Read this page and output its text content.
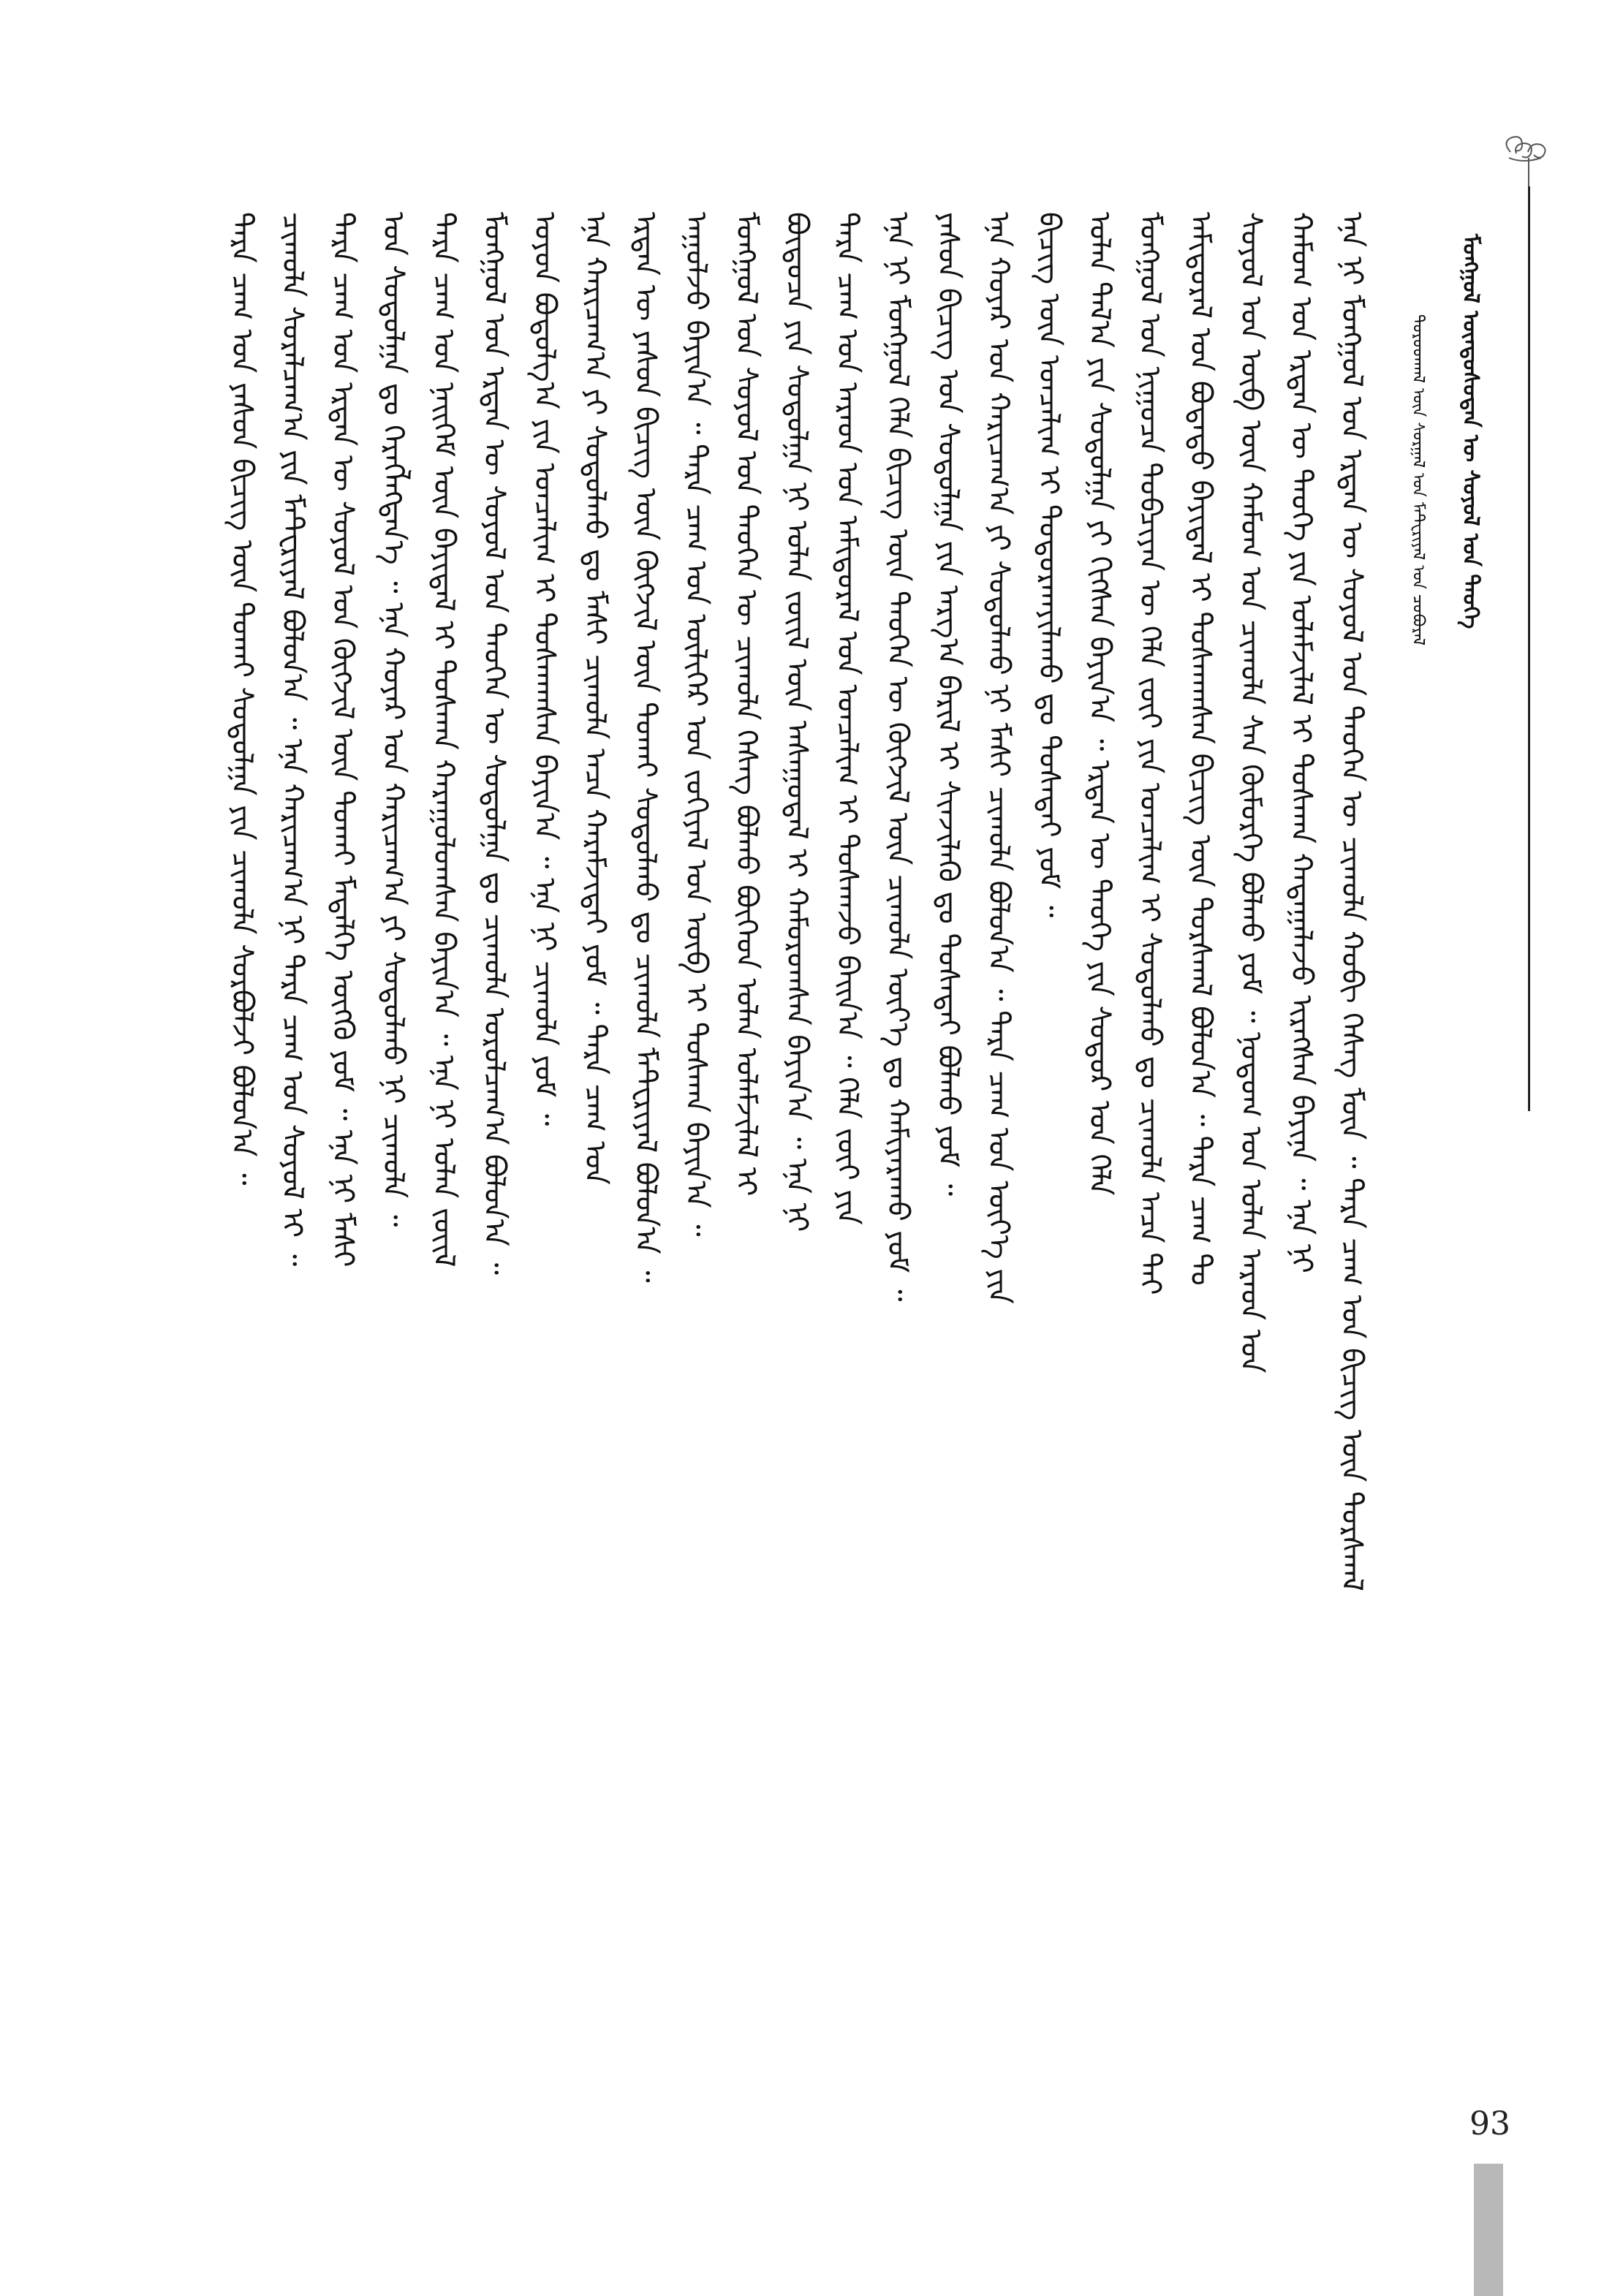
ᠮᠣᠩᠭᠣᠯ ᠦᠨᠳᠦᠰᠦᠲᠡᠨ ᠦ ᠰᠣᠶᠣᠯ ᠤᠨ ᠲᠡᠦᠬᠡ
ᠳᠤᠷᠤᠳᠬᠠᠯ ᠦᠨ ᠰᠤᠷᠭᠠᠯ ᠤᠨ ᠮᠠᠲᠧᠷᠢᠶᠠᠯ ᠤᠨ ᠴᠤᠪᠤᠷᠠᠯ
ᠡᠨᠡ ᠨᠢ ᠮᠣᠩᠭᠣᠯ ᠤᠨ ᠡᠷᠲᠡᠨ ᠦ ᠰᠣᠶᠣᠯ ᠤᠨ ᠲᠡᠦᠬᠡᠨ ᠦ ᠴᠢᠬᠤᠯᠠ ᠬᠤᠪᠢ ᠬᠡᠰᠡᠭ ᠮᠥᠨ ᠃ ᠲᠡᠷᠡ ᠴᠠᠭ ᠤᠨ ᠪᠢᠴᠢᠭ ᠦᠨ ᠳᠤᠷᠰᠬᠠᠯ
ᠬᠠᠮᠤᠭ ᠤᠨ ᠡᠷᠲᠡᠨ ᠦ ᠲᠡᠦᠬᠡ ᠶᠢᠨ ᠤᠯᠠᠮᠵᠢᠯᠠᠯ ᠢ ᠲᠤᠰᠬᠠᠨ ᠬᠠᠳᠠᠭᠠᠯᠠᠵᠤ ᠢᠷᠡᠭᠰᠡᠨ ᠪᠠᠶᠢᠨᠠ ᠃ ᠡᠨᠡ ᠨᠢ
ᠰᠣᠶᠣᠯ ᠤᠨ ᠥᠪ ᠦᠨ ᠬᠠᠮᠤᠭ ᠤᠨ ᠴᠢᠬᠤᠯᠠ ᠰᠠᠨ ᠬᠥᠮᠥᠷᠭᠡ ᠪᠣᠯᠬᠤ ᠶᠤᠮ ᠃ ᠨᠤᠲᠤᠭ ᠤᠨ ᠣᠯᠠᠨ ᠠᠷᠠᠳ ᠤᠨ
ᠠᠮᠢᠳᠤᠷᠠᠯ ᠤᠨ ᠪᠣᠳᠠᠲᠤ ᠪᠠᠶᠢᠳᠠᠯ ᠢ ᠲᠤᠰᠬᠠᠭᠰᠠᠨ ᠪᠢᠴᠢᠭ ᠦᠨ ᠳᠤᠷᠰᠬᠠᠯ ᠪᠣᠯᠤᠨ᠎ᠠ ᠃ ᠲᠡᠷᠡ ᠴᠠᠭ ᠲᠤ
ᠮᠣᠩᠭᠣᠯ ᠤᠨ ᠨᠢᠭᠤᠴᠠ ᠲᠣᠪᠴᠢᠶᠠᠨ ᠦ ᠬᠡᠯᠡ ᠵᠦᠢ ᠶᠢᠨ ᠣᠨᠴᠠᠯᠢᠭ ᠢ ᠰᠤᠳᠤᠯᠬᠤ ᠳᠤ ᠴᠢᠬᠤᠯᠠ ᠠᠴᠠ ᠲᠠᠢ
ᠣᠯᠠᠨ ᠲᠠᠯ᠎ᠠ ᠶᠢᠨ ᠰᠤᠳᠤᠯᠭᠠ ᠶᠢ ᠬᠢᠭᠰᠡᠨ ᠪᠠᠶᠢᠨ᠎ᠠ ᠃ ᠡᠷᠲᠡᠨ ᠦ ᠲᠡᠦᠬᠡ ᠶᠢᠨ ᠰᠤᠳᠤᠷ ᠤᠨ ᠬᠡᠯᠡ
ᠪᠢᠴᠢᠭ ᠦᠨ ᠣᠨᠴᠠᠯᠢᠭ ᠢ ᠲᠣᠳᠣᠷᠬᠠᠶᠢᠯᠠᠬᠤ ᠳᠤ ᠲᠤᠰᠠᠲᠠᠢ ᠶᠤᠮ ᠃
ᠡᠨᠡ ᠬᠣᠶᠠᠷ ᠤᠨ ᠬᠠᠷᠢᠴᠠᠭ᠎ᠠ ᠶᠢ ᠰᠤᠳᠤᠯᠬᠤ ᠨᠢ ᠮᠠᠰᠢ ᠴᠢᠬᠤᠯᠠ ᠪᠣᠯᠤᠨ᠎ᠠ ᠃ ᠲᠡᠷᠡ ᠴᠠᠭ ᠤᠨ ᠦᠶ᠎ᠡ ᠶᠢᠨ
ᠶᠠᠰᠤᠨ ᠪᠢᠴᠢᠭ ᠤᠨ ᠰᠤᠳᠤᠯᠭᠠ ᠶᠢᠨ ᠠᠷᠭ᠎ᠠ ᠪᠠᠷᠢᠯ ᠢ ᠰᠢᠨᠵᠢᠯᠡᠬᠦ ᠳᠤ ᠲᠤᠰᠠᠲᠠᠢ ᠪᠣᠯᠬᠤ ᠶᠤᠮ ᠃
ᠡᠨᠡ ᠨᠢ ᠮᠣᠩᠭᠣᠯ ᠬᠡᠯᠡ ᠪᠢᠴᠢᠭ ᠦᠨ ᠲᠡᠦᠬᠡᠨ ᠦ ᠬᠥᠭᠵᠢᠯ ᠦᠨ ᠴᠢᠬᠤᠯᠠ ᠦᠶ᠎ᠡ ᠳᠤ ᠬᠠᠮᠢᠶᠠᠷᠠᠬᠤ ᠶᠤᠮ ᠃
ᠲᠡᠷᠡ ᠴᠠᠭ ᠤᠨ ᠠᠷᠠᠳ ᠤᠨ ᠠᠮᠢᠳᠤᠷᠠᠯ ᠤᠨ ᠣᠨᠴᠠᠯᠢᠭ ᠢ ᠲᠤᠰᠬᠠᠵᠤ ᠪᠠᠢᠨ᠎ᠠ ᠃ ᠬᠡᠯᠡ ᠵᠦᠢ ᠶᠢᠨ
ᠪᠦᠲᠦᠴᠡ ᠶᠢᠨ ᠰᠤᠳᠤᠯᠭᠠ ᠨᠢ ᠣᠯᠠᠨ ᠵᠦᠢᠯ ᠦᠨ ᠠᠰᠠᠭᠤᠳᠠᠯ ᠢ ᠬᠠᠮᠤᠷᠤᠭᠰᠠᠨ ᠪᠠᠶᠢᠨ᠎ᠠ ᠃ ᠡᠨᠡ ᠨᠢ
ᠮᠣᠩᠭᠣᠯ ᠤᠨ ᠰᠣᠶᠣᠯ ᠤᠨ ᠲᠡᠦᠬᠡᠨ ᠦ ᠴᠢᠬᠤᠯᠠ ᠬᠡᠰᠡᠭ ᠪᠣᠯᠬᠤ ᠪᠥᠭᠡᠳ ᠣᠯᠠᠨ ᠤᠯᠠᠮᠵᠢᠯᠠᠯ ᠢ
ᠠᠭᠤᠯᠵᠤ ᠪᠠᠶᠢᠨ᠎ᠠ ᠃ ᠲᠡᠷᠡ ᠴᠠᠭ ᠤᠨ ᠦᠯᠢᠭᠡᠷ ᠤᠨ ᠵᠣᠬᠢᠶᠠᠯ ᠤᠨ ᠥᠪ ᠢ ᠲᠤᠰᠬᠠᠨ ᠪᠠᠶᠢᠨ᠎ᠠ ᠃
ᠡᠷᠲᠡᠨ ᠦ ᠶᠠᠰᠤᠨ ᠪᠢᠴᠢᠭ ᠦᠨ ᠬᠥᠭᠵᠢᠯ ᠦᠨ ᠲᠤᠬᠠᠢ ᠰᠤᠳᠤᠯᠬᠤ ᠳᠤ ᠴᠢᠬᠤᠯᠠ ᠮᠠᠲᠧᠷᠢᠶᠠᠯ ᠪᠣᠯᠤᠨ᠎ᠠ ᠃
ᠡᠨᠡ ᠬᠠᠷᠢᠴᠠᠭ᠎ᠠ ᠶᠢ ᠰᠤᠳᠤᠯᠬᠤ ᠳᠤ ᠮᠠᠰᠢ ᠴᠢᠬᠤᠯᠠ ᠠᠴᠠ ᠬᠠᠷᠠᠮᠵᠢᠲᠠᠢ ᠶᠤᠮ ᠃ ᠲᠡᠷᠡ ᠴᠠᠭ ᠤᠨ
ᠣᠶᠤᠨ ᠪᠣᠳᠤᠯᠭ᠎ᠠ ᠶᠢᠨ ᠣᠨᠴᠠᠯᠢᠭ ᠢ ᠲᠤᠰᠬᠠᠭᠰᠠᠨ ᠪᠠᠶᠢᠨ᠎ᠠ ᠃ ᠡᠨᠡ ᠨᠢ ᠴᠢᠬᠤᠯᠠ ᠶᠤᠮ ᠃
ᠮᠣᠩᠭᠣᠯ ᠤᠨ ᠡᠷᠲᠡᠨ ᠦ ᠰᠣᠶᠣᠯ ᠤᠨ ᠲᠡᠦᠬᠡᠨ ᠦ ᠰᠤᠳᠤᠯᠭᠠ ᠳᠤ ᠴᠢᠬᠤᠯᠠ ᠣᠷᠤᠯᠴᠠᠭ᠎ᠠ ᠪᠣᠯᠤᠨ᠎ᠠ ᠃
ᠲᠡᠷᠡ ᠴᠠᠭ ᠤᠨ ᠨᠡᠢᠭᠡᠮ ᠦᠨ ᠪᠠᠶᠢᠳᠠᠯ ᠢ ᠲᠤᠰᠬᠠᠨ ᠬᠠᠷᠠᠭᠤᠯᠤᠭᠰᠠᠨ ᠪᠠᠶᠢᠨ᠎ᠠ ᠃ ᠡᠨᠡ ᠨᠢ ᠣᠯᠠᠨ ᠵᠦᠢᠯ
ᠤᠨ ᠰᠤᠳᠤᠯᠭᠠ ᠳᠤ ᠬᠡᠷᠡᠭᠯᠡᠭᠳᠡᠨ᠎ᠡ ᠃ ᠡᠨᠡ ᠬᠣᠶᠠᠷ ᠤᠨ ᠬᠠᠷᠢᠴᠠᠭ᠎ᠠ ᠶᠢ ᠰᠤᠳᠤᠯᠬᠤ ᠨᠢ ᠴᠢᠬᠤᠯᠠ ᠃
ᠲᠡᠷᠡ ᠴᠠᠭ ᠤᠨ ᠡᠷᠲᠡᠨ ᠦ ᠰᠣᠶᠣᠯ ᠤᠨ ᠬᠥᠭᠵᠢᠯ ᠦᠨ ᠲᠤᠬᠠᠢ ᠮᠡᠳᠡᠯᠭᠡ ᠥᠭᠬᠦ ᠶᠤᠮ ᠃ ᠡᠨᠡ ᠨᠢ ᠮᠠᠰᠢ
ᠴᠢᠬᠤᠯᠠ ᠰᠤᠷᠠᠯᠴᠠᠭ᠎ᠠ ᠶᠢᠨ ᠮᠠᠲᠧᠷᠢᠶᠠᠯ ᠪᠣᠯᠤᠨ᠎ᠠ ᠃ ᠡᠨᠡ ᠬᠠᠷᠢᠴᠠᠭ᠎ᠠ ᠨᠢ ᠲᠡᠷᠡ ᠴᠠᠭ ᠤᠨ ᠰᠣᠶᠣᠯ ᠢ ᠃
ᠲᠡᠷᠡ ᠴᠠᠭ ᠤᠨ ᠶᠠᠰᠤᠨ ᠪᠢᠴᠢᠭ ᠦᠨ ᠲᠤᠬᠠᠢ ᠰᠤᠳᠤᠯᠭᠠ ᠶᠢᠨ ᠴᠢᠬᠤᠯᠠ ᠰᠤᠷᠪᠤᠯᠵᠢ ᠪᠣᠯᠤᠨ᠎ᠠ ᠃
93
